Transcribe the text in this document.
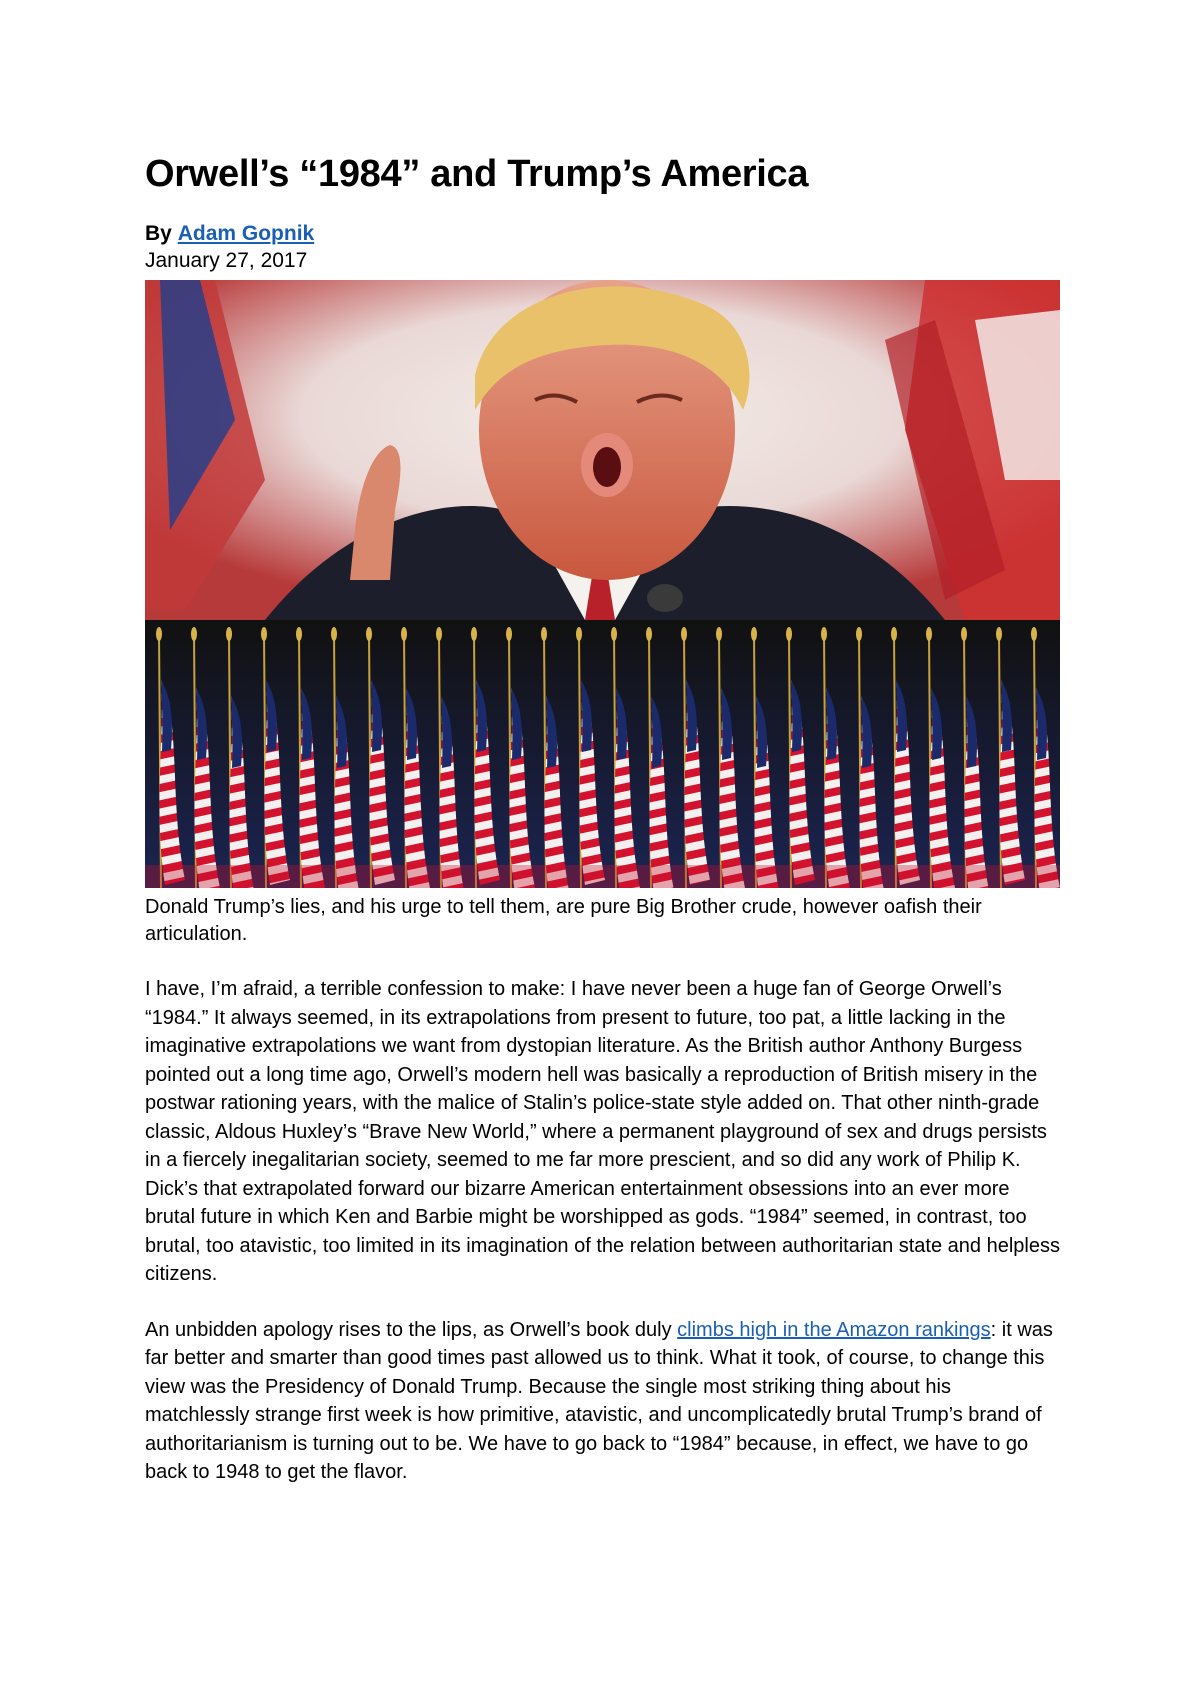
Orwell’s “1984” and Trump’s America
By Adam Gopnik
January 27, 2017
Donald Trump’s lies, and his urge to tell them, are pure Big Brother crude, however oafish their articulation.

I have, I’m afraid, a terrible confession to make: I have never been a huge fan of George Orwell’s “1984.” It always seemed, in its extrapolations from present to future, too pat, a little lacking in the imaginative extrapolations we want from dystopian literature. As the British author Anthony Burgess pointed out a long time ago, Orwell’s modern hell was basically a reproduction of British misery in the postwar rationing years, with the malice of Stalin’s police-state style added on. That other ninth-grade classic, Aldous Huxley’s “Brave New World,” where a permanent playground of sex and drugs persists in a fiercely inegalitarian society, seemed to me far more prescient, and so did any work of Philip K. Dick’s that extrapolated forward our bizarre American entertainment obsessions into an ever more brutal future in which Ken and Barbie might be worshipped as gods. “1984” seemed, in contrast, too brutal, too atavistic, too limited in its imagination of the relation between authoritarian state and helpless citizens.

An unbidden apology rises to the lips, as Orwell’s book duly climbs high in the Amazon rankings: it was far better and smarter than good times past allowed us to think. What it took, of course, to change this view was the Presidency of Donald Trump. Because the single most striking thing about his matchlessly strange first week is how primitive, atavistic, and uncomplicatedly brutal Trump’s brand of authoritarianism is turning out to be. We have to go back to “1984” because, in effect, we have to go back to 1948 to get the flavor.
